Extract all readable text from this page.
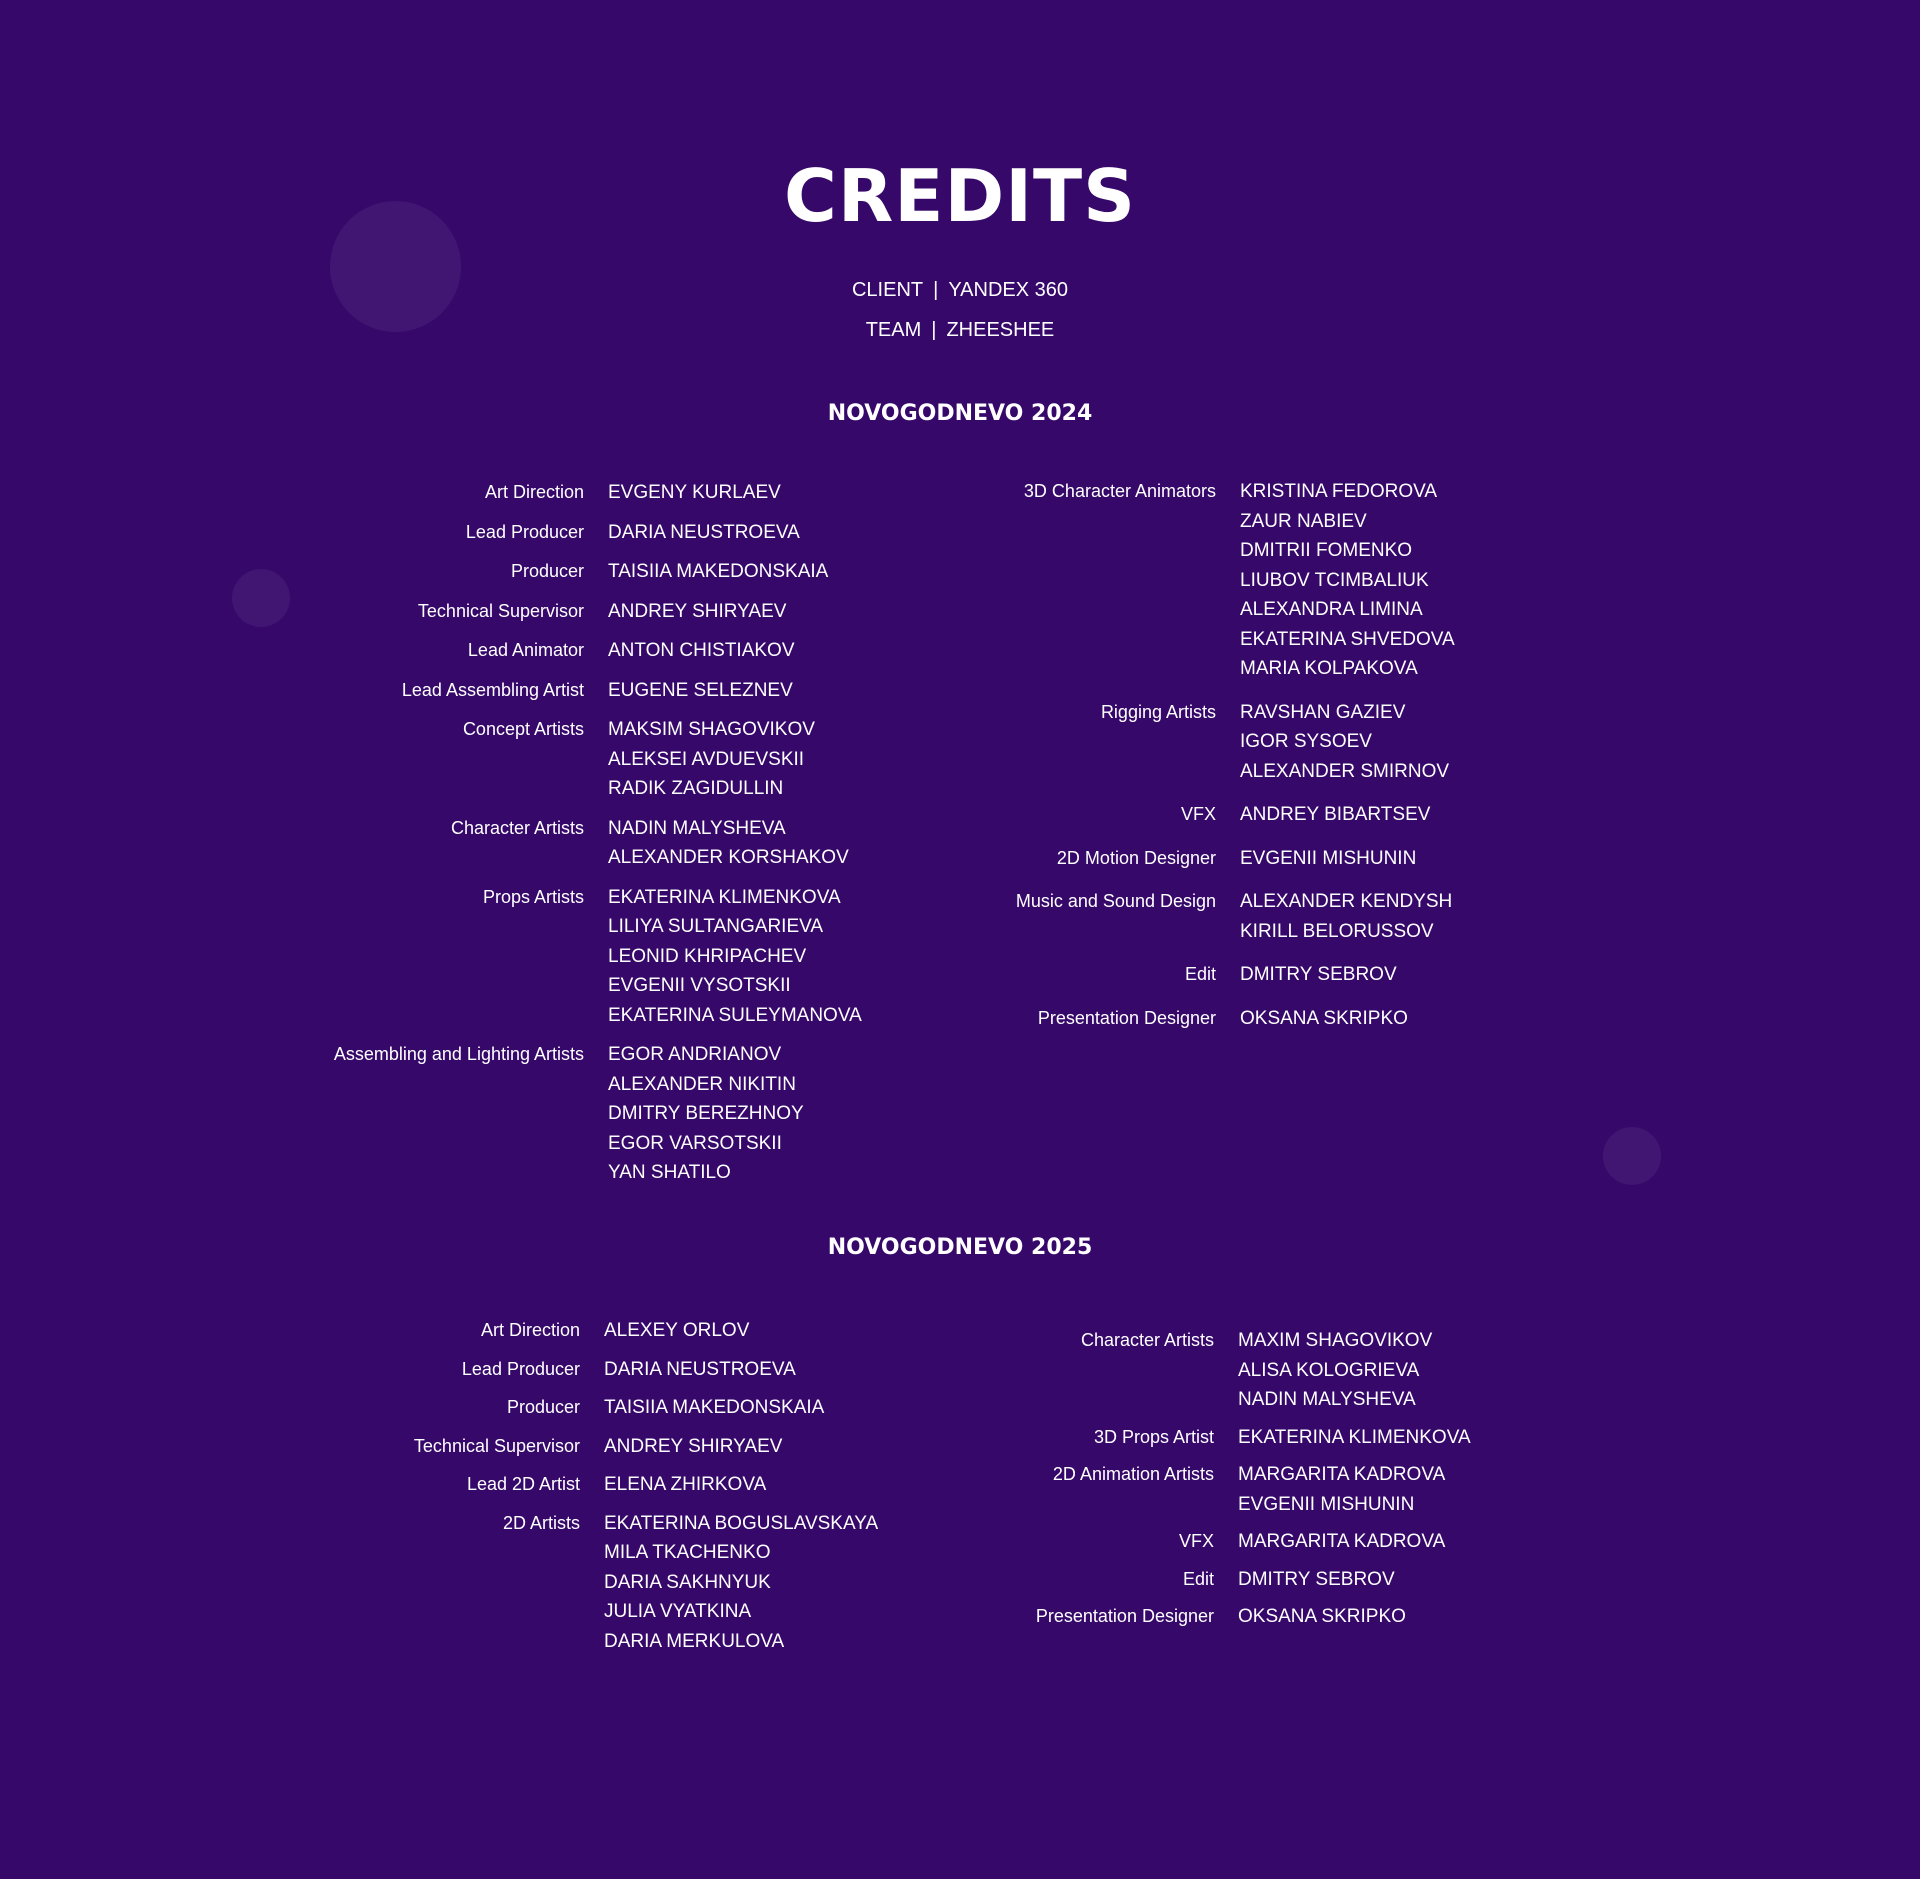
CREDITS
CLIENT | YANDEX 360
TEAM | ZHEESHEE
NOVOGODNEVO 2024
Art Direction EVGENY KURLAEV
Lead Producer DARIA NEUSTROEVA
Producer TAISIIA MAKEDONSKAIA
Technical Supervisor ANDREY SHIRYAEV
Lead Animator ANTON CHISTIAKOV
Lead Assembling Artist EUGENE SELEZNEV
Concept Artists MAKSIM SHAGOVIKOV
ALEKSEI AVDUEVSKII
RADIK ZAGIDULLIN
Character Artists NADIN MALYSHEVA
ALEXANDER KORSHAKOV
Props Artists EKATERINA KLIMENKOVA
LILIYA SULTANGARIEVA
LEONID KHRIPACHEV
EVGENII VYSOTSKII
EKATERINA SULEYMANOVA
Assembling and Lighting Artists EGOR ANDRIANOV
ALEXANDER NIKITIN
DMITRY BEREZHNOY
EGOR VARSOTSKII
YAN SHATILO
3D Character Animators KRISTINA FEDOROVA
ZAUR NABIEV
DMITRII FOMENKO
LIUBOV TCIMBALIUK
ALEXANDRA LIMINA
EKATERINA SHVEDOVA
MARIA KOLPAKOVA
Rigging Artists RAVSHAN GAZIEV
IGOR SYSOEV
ALEXANDER SMIRNOV
VFX ANDREY BIBARTSEV
2D Motion Designer EVGENII MISHUNIN
Music and Sound Design ALEXANDER KENDYSH
KIRILL BELORUSSOV
Edit DMITRY SEBROV
Presentation Designer OKSANA SKRIPKO
NOVOGODNEVO 2025
Art Direction ALEXEY ORLOV
Lead Producer DARIA NEUSTROEVA
Producer TAISIIA MAKEDONSKAIA
Technical Supervisor ANDREY SHIRYAEV
Lead 2D Artist ELENA ZHIRKOVA
2D Artists EKATERINA BOGUSLAVSKAYA
MILA TKACHENKO
DARIA SAKHNYUK
JULIA VYATKINA
DARIA MERKULOVA
Character Artists MAXIM SHAGOVIKOV
ALISA KOLOGRIEVA
NADIN MALYSHEVA
3D Props Artist EKATERINA KLIMENKOVA
2D Animation Artists MARGARITA KADROVA
EVGENII MISHUNIN
VFX MARGARITA KADROVA
Edit DMITRY SEBROV
Presentation Designer OKSANA SKRIPKO
